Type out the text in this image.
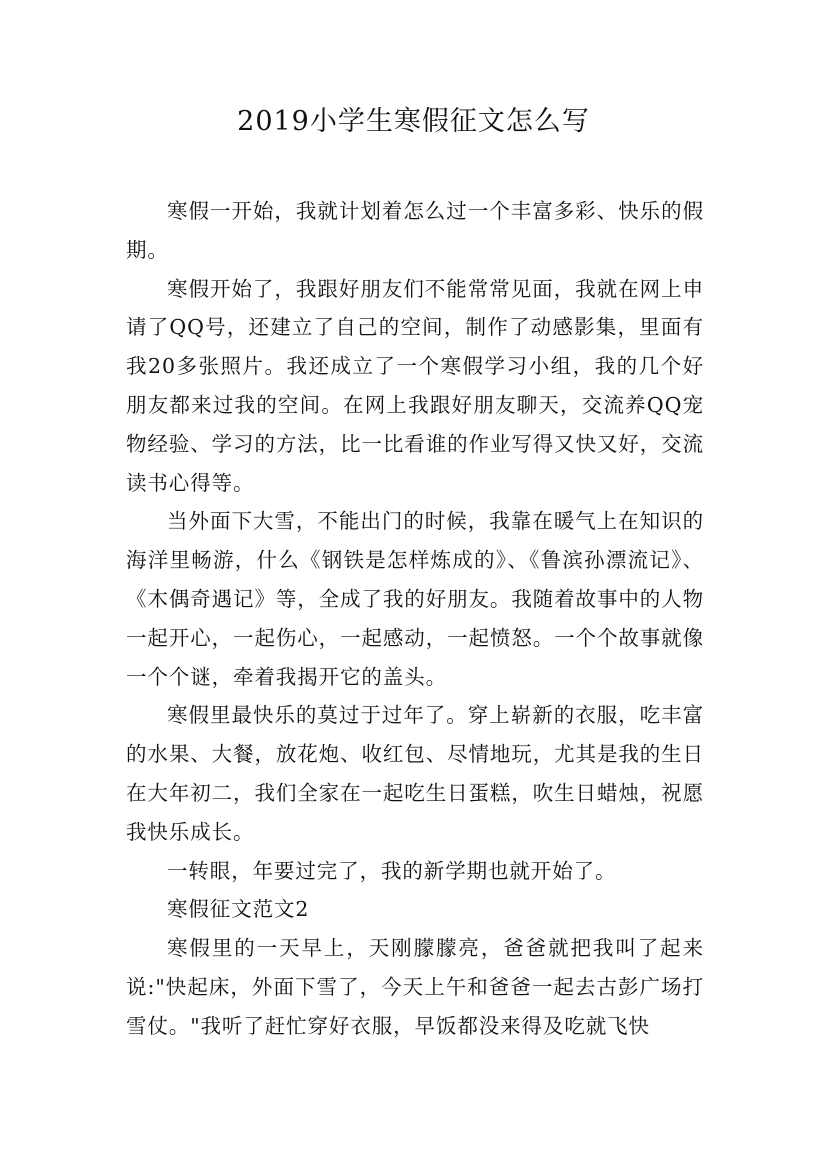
2019小学生寒假征文怎么写

寒假一开始，我就计划着怎么过一个丰富多彩、快乐的假期。

寒假开始了，我跟好朋友们不能常常见面，我就在网上申请了QQ号，还建立了自己的空间，制作了动感影集，里面有我20多张照片。我还成立了一个寒假学习小组，我的几个好朋友都来过我的空间。在网上我跟好朋友聊天，交流养QQ宠物经验、学习的方法，比一比看谁的作业写得又快又好，交流读书心得等。

当外面下大雪，不能出门的时候，我靠在暖气上在知识的海洋里畅游，什么《钢铁是怎样炼成的》、《鲁滨孙漂流记》、《木偶奇遇记》等，全成了我的好朋友。我随着故事中的人物一起开心，一起伤心，一起感动，一起愤怒。一个个故事就像一个个谜，牵着我揭开它的盖头。

寒假里最快乐的莫过于过年了。穿上崭新的衣服，吃丰富的水果、大餐，放花炮、收红包、尽情地玩，尤其是我的生日在大年初二，我们全家在一起吃生日蛋糕，吹生日蜡烛，祝愿我快乐成长。

一转眼，年要过完了，我的新学期也就开始了。

寒假征文范文2

寒假里的一天早上，天刚朦朦亮，爸爸就把我叫了起来说:"快起床，外面下雪了，今天上午和爸爸一起去古彭广场打雪仗。"我听了赶忙穿好衣服，早饭都没来得及吃就飞快
